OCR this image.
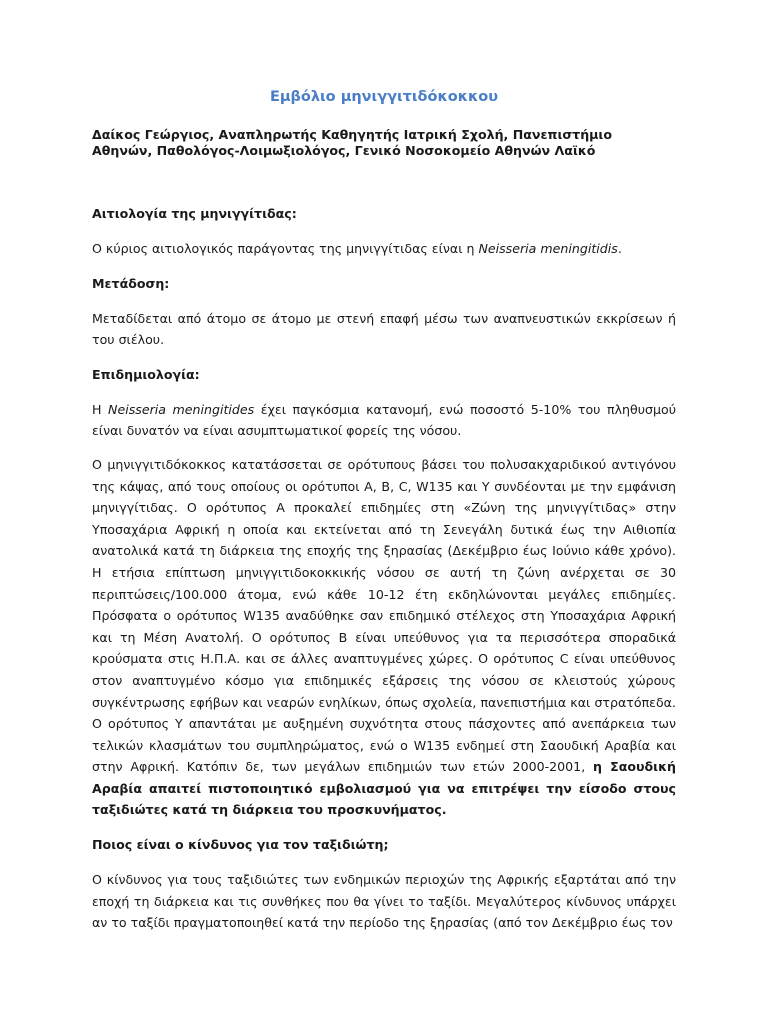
Εμβόλιο μηνιγγιτιδόκοκκου

Δαίκος Γεώργιος, Αναπληρωτής Καθηγητής Ιατρική Σχολή, Πανεπιστήμιο Αθηνών, Παθολόγος-Λοιμωξιολόγος, Γενικό Νοσοκομείο Αθηνών Λαϊκό

Αιτιολογία της μηνιγγίτιδας:

Ο κύριος αιτιολογικός παράγοντας της μηνιγγίτιδας είναι η Neisseria meningitidis.

Μετάδοση:

Μεταδίδεται από άτομο σε άτομο με στενή επαφή μέσω των αναπνευστικών εκκρίσεων ή του σιέλου.

Επιδημιολογία:

Η Neisseria meningitides έχει παγκόσμια κατανομή, ενώ ποσοστό 5-10% του πληθυσμού είναι δυνατόν να είναι ασυμπτωματικοί φορείς της νόσου.

Ο μηνιγγιτιδόκοκκος κατατάσσεται σε ορότυπους βάσει του πολυσακχαριδικού αντιγόνου της κάψας, από τους οποίους οι ορότυποι A, B, C, W135 και Y συνδέονται με την εμφάνιση μηνιγγίτιδας. Ο ορότυπος A προκαλεί επιδημίες στη «Ζώνη της μηνιγγίτιδας» στην Υποσαχάρια Αφρική η οποία και εκτείνεται από τη Σενεγάλη δυτικά έως την Αιθιοπία ανατολικά κατά τη διάρκεια της εποχής της ξηρασίας (Δεκέμβριο έως Ιούνιο κάθε χρόνο). Η ετήσια επίπτωση μηνιγγιτιδοκοκκικής νόσου σε αυτή τη ζώνη ανέρχεται σε 30 περιπτώσεις/100.000 άτομα, ενώ κάθε 10-12 έτη εκδηλώνονται μεγάλες επιδημίες. Πρόσφατα ο ορότυπος W135 αναδύθηκε σαν επιδημικό στέλεχος στη Υποσαχάρια Αφρική και τη Μέση Ανατολή. Ο ορότυπος B είναι υπεύθυνος για τα περισσότερα σποραδικά κρούσματα στις Η.Π.Α. και σε άλλες αναπτυγμένες χώρες. Ο ορότυπος C είναι υπεύθυνος στον αναπτυγμένο κόσμο για επιδημικές εξάρσεις της νόσου σε κλειστούς χώρους συγκέντρωσης εφήβων και νεαρών ενηλίκων, όπως σχολεία, πανεπιστήμια και στρατόπεδα. Ο ορότυπος Y απαντάται με αυξημένη συχνότητα στους πάσχοντες από ανεπάρκεια των τελικών κλασμάτων του συμπληρώματος, ενώ ο W135 ενδημεί στη Σαουδική Αραβία και στην Αφρική. Κατόπιν δε, των μεγάλων επιδημιών των ετών 2000-2001, η Σαουδική Αραβία απαιτεί πιστοποιητικό εμβολιασμού για να επιτρέψει την είσοδο στους ταξιδιώτες κατά τη διάρκεια του προσκυνήματος.

Ποιος είναι ο κίνδυνος για τον ταξιδιώτη;

Ο κίνδυνος για τους ταξιδιώτες των ενδημικών περιοχών της Αφρικής εξαρτάται από την εποχή τη διάρκεια και τις συνθήκες που θα γίνει το ταξίδι. Μεγαλύτερος κίνδυνος υπάρχει αν το ταξίδι πραγματοποιηθεί κατά την περίοδο της ξηρασίας (από τον Δεκέμβριο έως τον
